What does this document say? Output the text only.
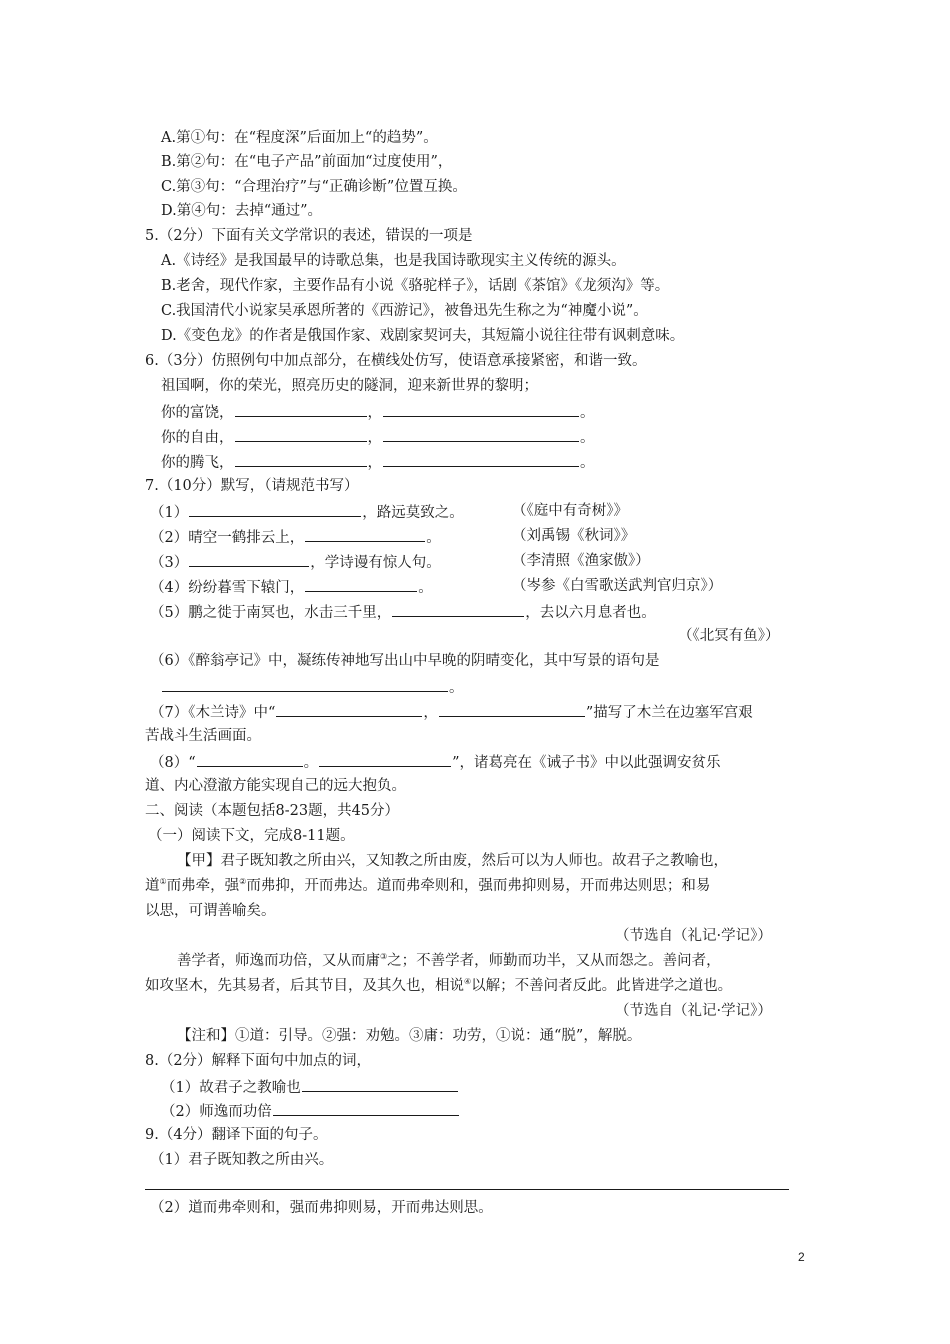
A.第①句：在“程度深”后面加上“的趋势”。
B.第②句：在“电子产品”前面加“过度使用”，
C.第③句：“合理治疗”与“正确诊断”位置互换。
D.第④句：去掉“通过”。
5.（2分）下面有关文学常识的表述，错误的一项是
A.《诗经》是我国最早的诗歌总集，也是我国诗歌现实主义传统的源头。
B.老舍，现代作家，主要作品有小说《骆驼样子》，话剧《茶馆》《龙须沟》等。
C.我国清代小说家吴承恩所著的《西游记》，被鲁迅先生称之为“神魔小说”。
D.《变色龙》的作者是俄国作家、戏剧家契诃夫，其短篇小说往往带有讽刺意味。
6.（3分）仿照例句中加点部分，在横线处仿写，使语意承接紧密，和谐一致。
祖国啊，你的荣光，照亮历史的隧洞，迎来新世界的黎明；
你的富饶，	，	。
你的自由，	，	。
你的腾飞，	，	。
7.（10分）默写，（请规范书写）
（1）	，路远莫致之。	（《庭中有奇树》》
（2）晴空一鹤排云上，	。	（刘禹锡《秋词》》
（3）	，学诗谩有惊人句。	（李清照《渔家傲》）
（4）纷纷暮雪下辕门，	。	（岑参《白雪歌送武判官归京》）
（5）鹏之徙于南冥也，水击三千里，	，去以六月息者也。
（《北冥有鱼》）
（6）《醉翁亭记》中，凝练传神地写出山中早晚的阴晴变化，其中写景的语句是
。
（7）《木兰诗》中“	，	”描写了木兰在边塞军宫艰
苦战斗生活画面。
（8）“	。	”，诸葛亮在《诫子书》中以此强调安贫乐
道、内心澄澈方能实现自己的远大抱负。
二、阅读（本题包括8-23题，共45分）
（一）阅读下文，完成8-11题。
【甲】君子既知教之所由兴，又知教之所由废，然后可以为人师也。故君子之教喻也，
道①而弗牵，强②而弗抑，开而弗达。道而弗牵则和，强而弗抑则易，开而弗达则思；和易
以思，可谓善喻矣。
（节选自（礼记·学记》）
善学者，师逸而功倍，又从而庸③之；不善学者，师勤而功半，又从而怨之。善问者，
如攻坚木，先其易者，后其节目，及其久也，相说④以解；不善问者反此。此皆进学之道也。
（节选自（礼记·学记》）
【注和】①道：引导。②强：劝勉。③庸：功劳，①说：通“脱”，解脱。
8.（2分）解释下面句中加点的词，
（1）故君子之教喻也
（2）师逸而功倍
9.（4分）翻译下面的句子。
（1）君子既知教之所由兴。
（2）道而弗牵则和，强而弗抑则易，开而弗达则思。
2
